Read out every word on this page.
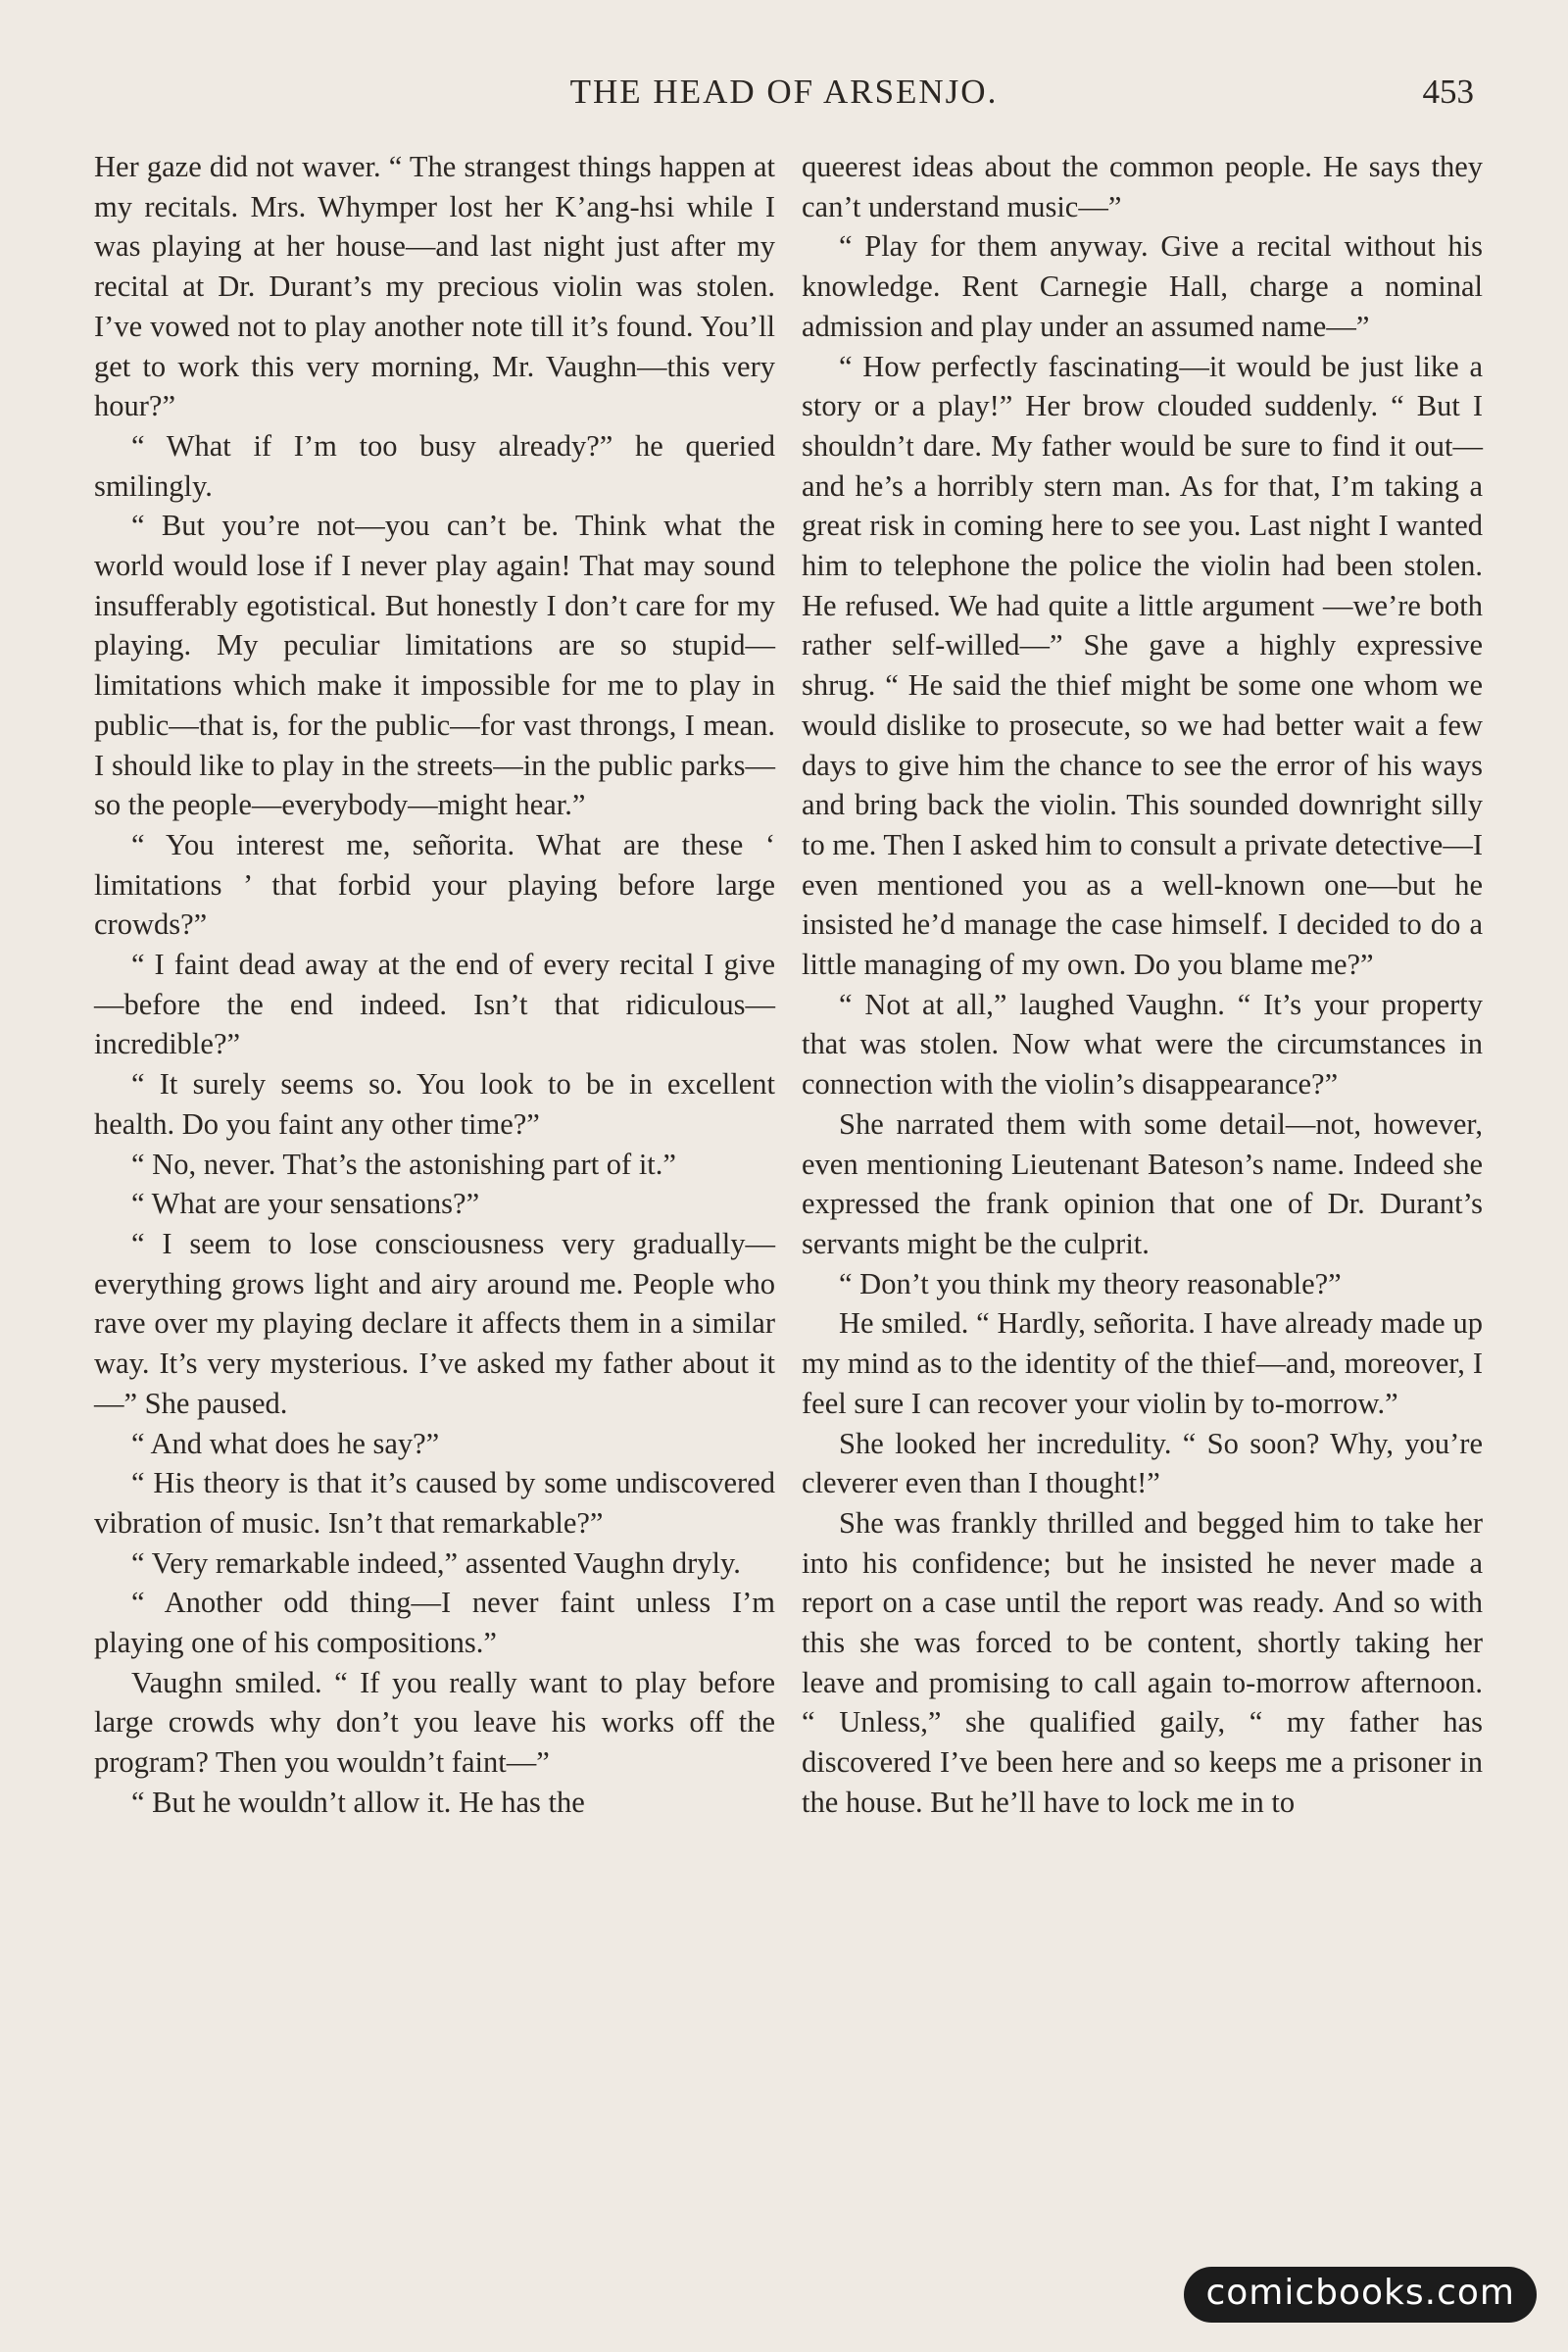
THE HEAD OF ARSENJO.	453

Her gaze did not waver. “ The strangest things happen at my recitals. Mrs. Whymper lost her K’ang-hsi while I was playing at her house—and last night just after my recital at Dr. Durant’s my precious violin was stolen. I’ve vowed not to play another note till it’s found. You’ll get to work this very morning, Mr. Vaughn—this very hour?”

“ What if I’m too busy already?” he queried smilingly.

“ But you’re not—you can’t be. Think what the world would lose if I never play again! That may sound insufferably egotistical. But honestly I don’t care for my playing. My peculiar limitations are so stupid—limitations which make it impossible for me to play in public—that is, for the public—for vast throngs, I mean. I should like to play in the streets—in the public parks—so the people—everybody—might hear.”

“ You interest me, señorita. What are these ‘ limitations ’ that forbid your playing before large crowds?”

“ I faint dead away at the end of every recital I give—before the end indeed. Isn’t that ridiculous—incredible?”

“ It surely seems so. You look to be in excellent health. Do you faint any other time?”

“ No, never. That’s the astonishing part of it.”

“ What are your sensations?”

“ I seem to lose consciousness very gradually—everything grows light and airy around me. People who rave over my playing declare it affects them in a similar way. It’s very mysterious. I’ve asked my father about it—” She paused.

“ And what does he say?”

“ His theory is that it’s caused by some undiscovered vibration of music. Isn’t that remarkable?”

“ Very remarkable indeed,” assented Vaughn dryly.

“ Another odd thing—I never faint unless I’m playing one of his compositions.”

Vaughn smiled. “ If you really want to play before large crowds why don’t you leave his works off the program? Then you wouldn’t faint—”

“ But he wouldn’t allow it. He has the

queerest ideas about the common people. He says they can’t understand music—”

“ Play for them anyway. Give a recital without his knowledge. Rent Carnegie Hall, charge a nominal admission and play under an assumed name—”

“ How perfectly fascinating—it would be just like a story or a play!” Her brow clouded suddenly. “ But I shouldn’t dare. My father would be sure to find it out—and he’s a horribly stern man. As for that, I’m taking a great risk in coming here to see you. Last night I wanted him to telephone the police the violin had been stolen. He refused. We had quite a little argument —we’re both rather self-willed—” She gave a highly expressive shrug. “ He said the thief might be some one whom we would dislike to prosecute, so we had better wait a few days to give him the chance to see the error of his ways and bring back the violin. This sounded downright silly to me. Then I asked him to consult a private detective—I even mentioned you as a well-known one—but he insisted he’d manage the case himself. I decided to do a little managing of my own. Do you blame me?”

“ Not at all,” laughed Vaughn. “ It’s your property that was stolen. Now what were the circumstances in connection with the violin’s disappearance?”

She narrated them with some detail—not, however, even mentioning Lieutenant Bateson’s name. Indeed she expressed the frank opinion that one of Dr. Durant’s servants might be the culprit.

“ Don’t you think my theory reasonable?”

He smiled. “ Hardly, señorita. I have already made up my mind as to the identity of the thief—and, moreover, I feel sure I can recover your violin by to-morrow.”

She looked her incredulity. “ So soon? Why, you’re cleverer even than I thought!”

She was frankly thrilled and begged him to take her into his confidence; but he insisted he never made a report on a case until the report was ready. And so with this she was forced to be content, shortly taking her leave and promising to call again to-morrow afternoon. “ Unless,” she qualified gaily, “ my father has discovered I’ve been here and so keeps me a prisoner in the house. But he’ll have to lock me in to

comicbooks.com
